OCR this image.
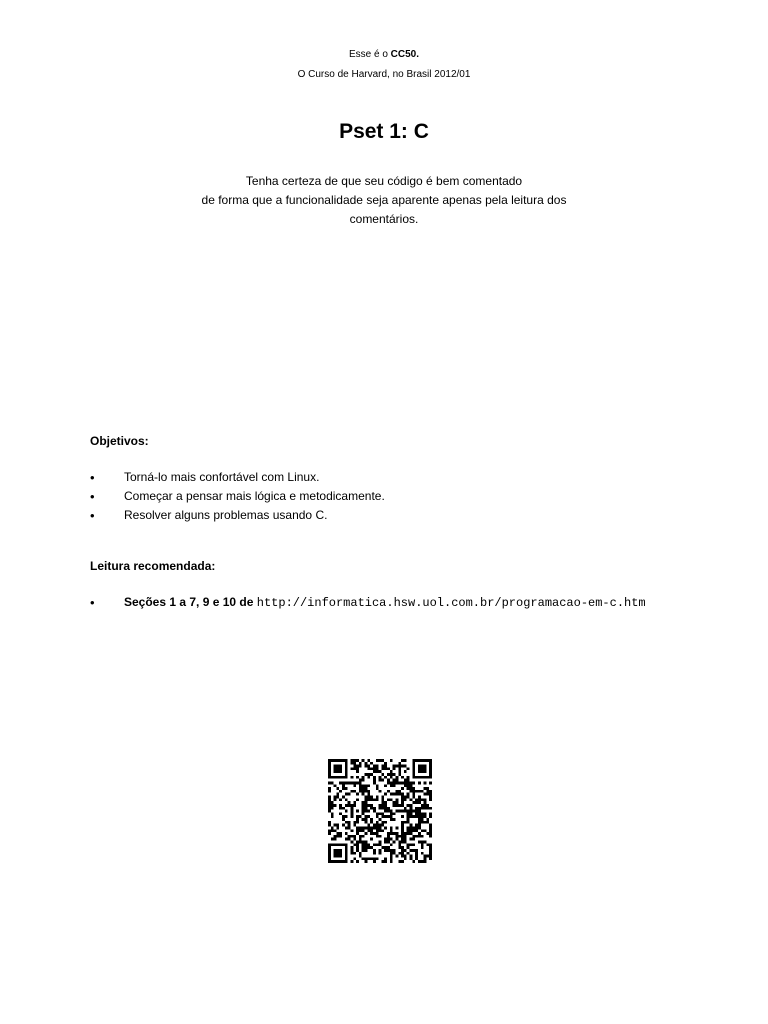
Esse é o CC50.
O Curso de Harvard, no Brasil 2012/01
Pset 1: C
Tenha certeza de que seu código é bem comentado
de forma que a funcionalidade seja aparente apenas pela leitura dos
comentários.
Objetivos:
•	Torná-lo mais confortável com Linux.
•	Começar a pensar mais lógica e metodicamente.
•	Resolver alguns problemas usando C.
Leitura recomendada:
•	Seções 1 a 7, 9 e 10 de http://informatica.hsw.uol.com.br/programacao-em-c.htm
